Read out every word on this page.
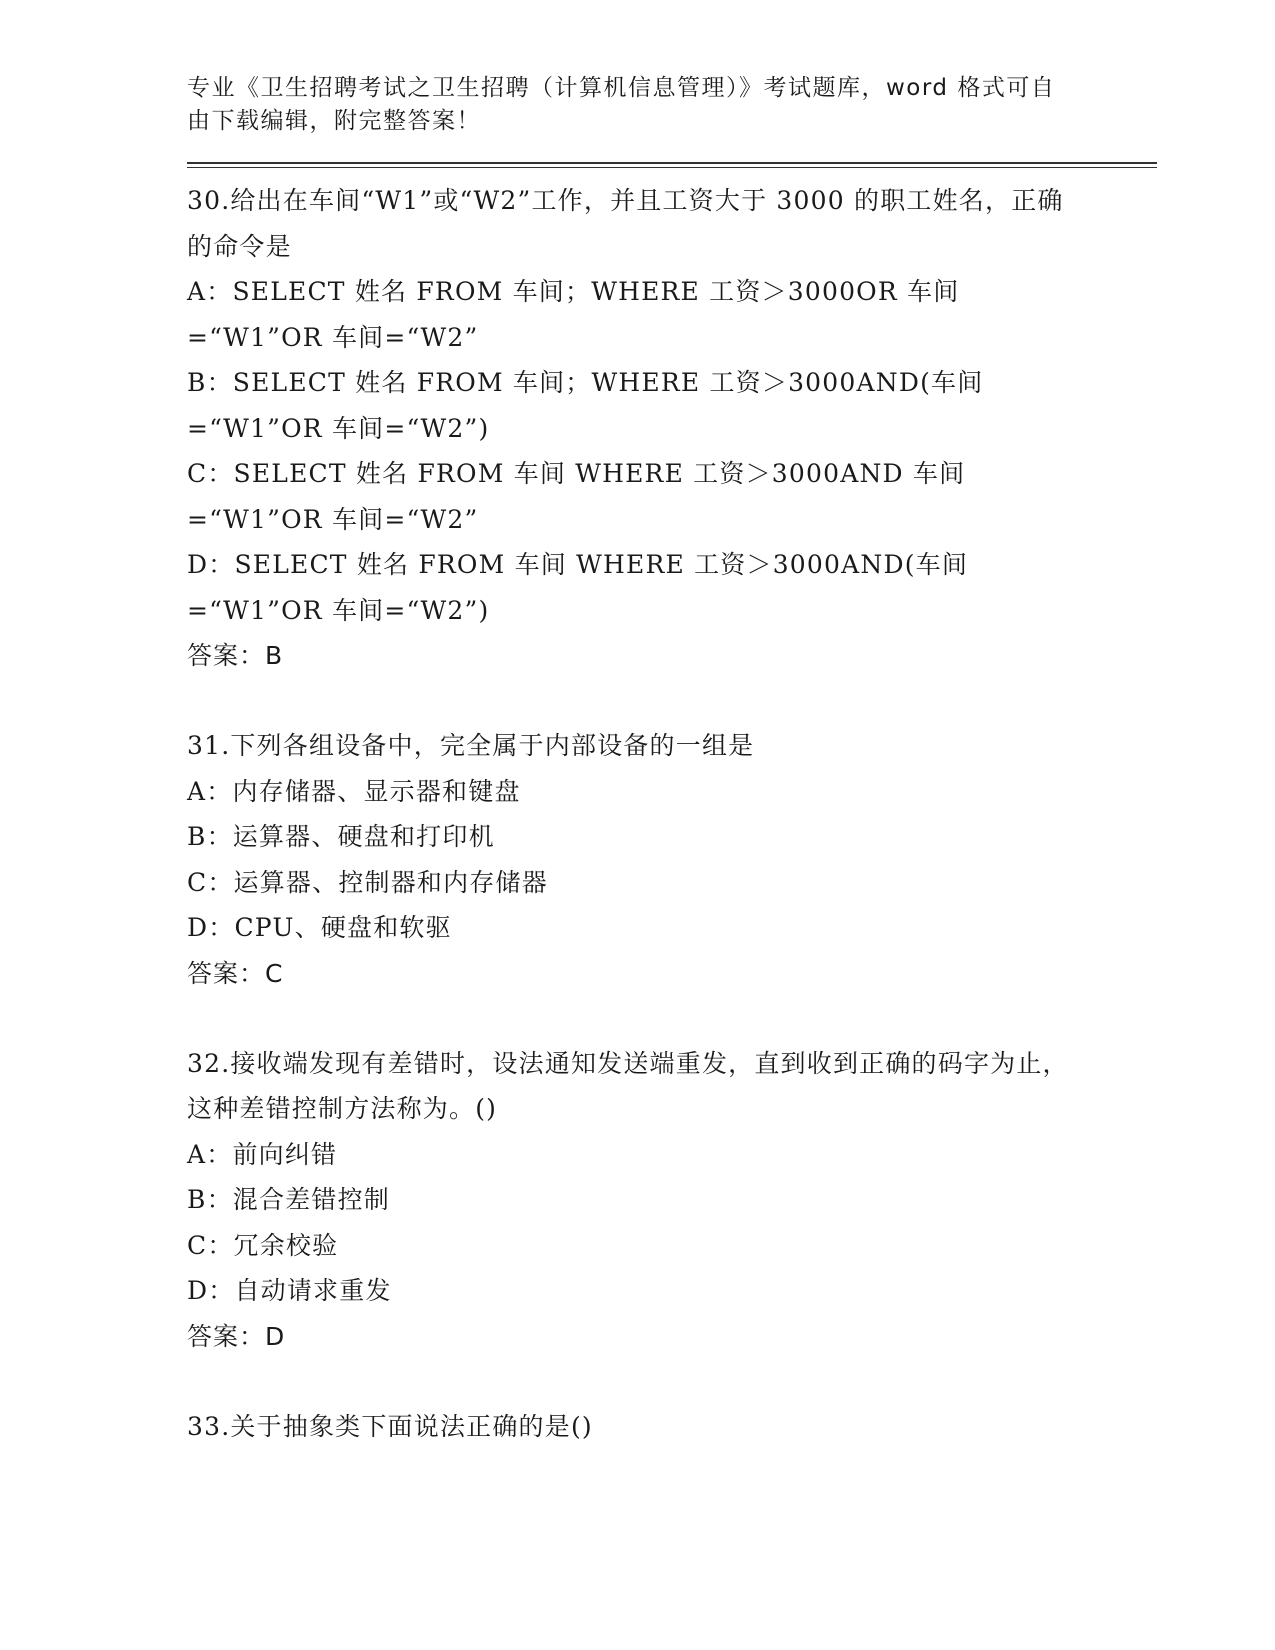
专业《卫生招聘考试之卫生招聘（计算机信息管理）》考试题库，word 格式可自由下载编辑，附完整答案！
30.给出在车间“W1”或“W2”工作，并且工资大于 3000 的职工姓名，正确的命令是
A：SELECT 姓名 FROM 车间；WHERE 工资＞3000OR 车间=“W1”OR 车间=“W2”
B：SELECT 姓名 FROM 车间；WHERE 工资＞3000AND(车间=“W1”OR 车间=“W2”)
C：SELECT 姓名 FROM 车间 WHERE 工资＞3000AND 车间=“W1”OR 车间=“W2”
D：SELECT 姓名 FROM 车间 WHERE 工资＞3000AND(车间=“W1”OR 车间=“W2”)
答案：B
31.下列各组设备中，完全属于内部设备的一组是
A：内存储器、显示器和键盘
B：运算器、硬盘和打印机
C：运算器、控制器和内存储器
D：CPU、硬盘和软驱
答案：C
32.接收端发现有差错时，设法通知发送端重发，直到收到正确的码字为止，这种差错控制方法称为。()
A：前向纠错
B：混合差错控制
C：冗余校验
D：自动请求重发
答案：D
33.关于抽象类下面说法正确的是()
